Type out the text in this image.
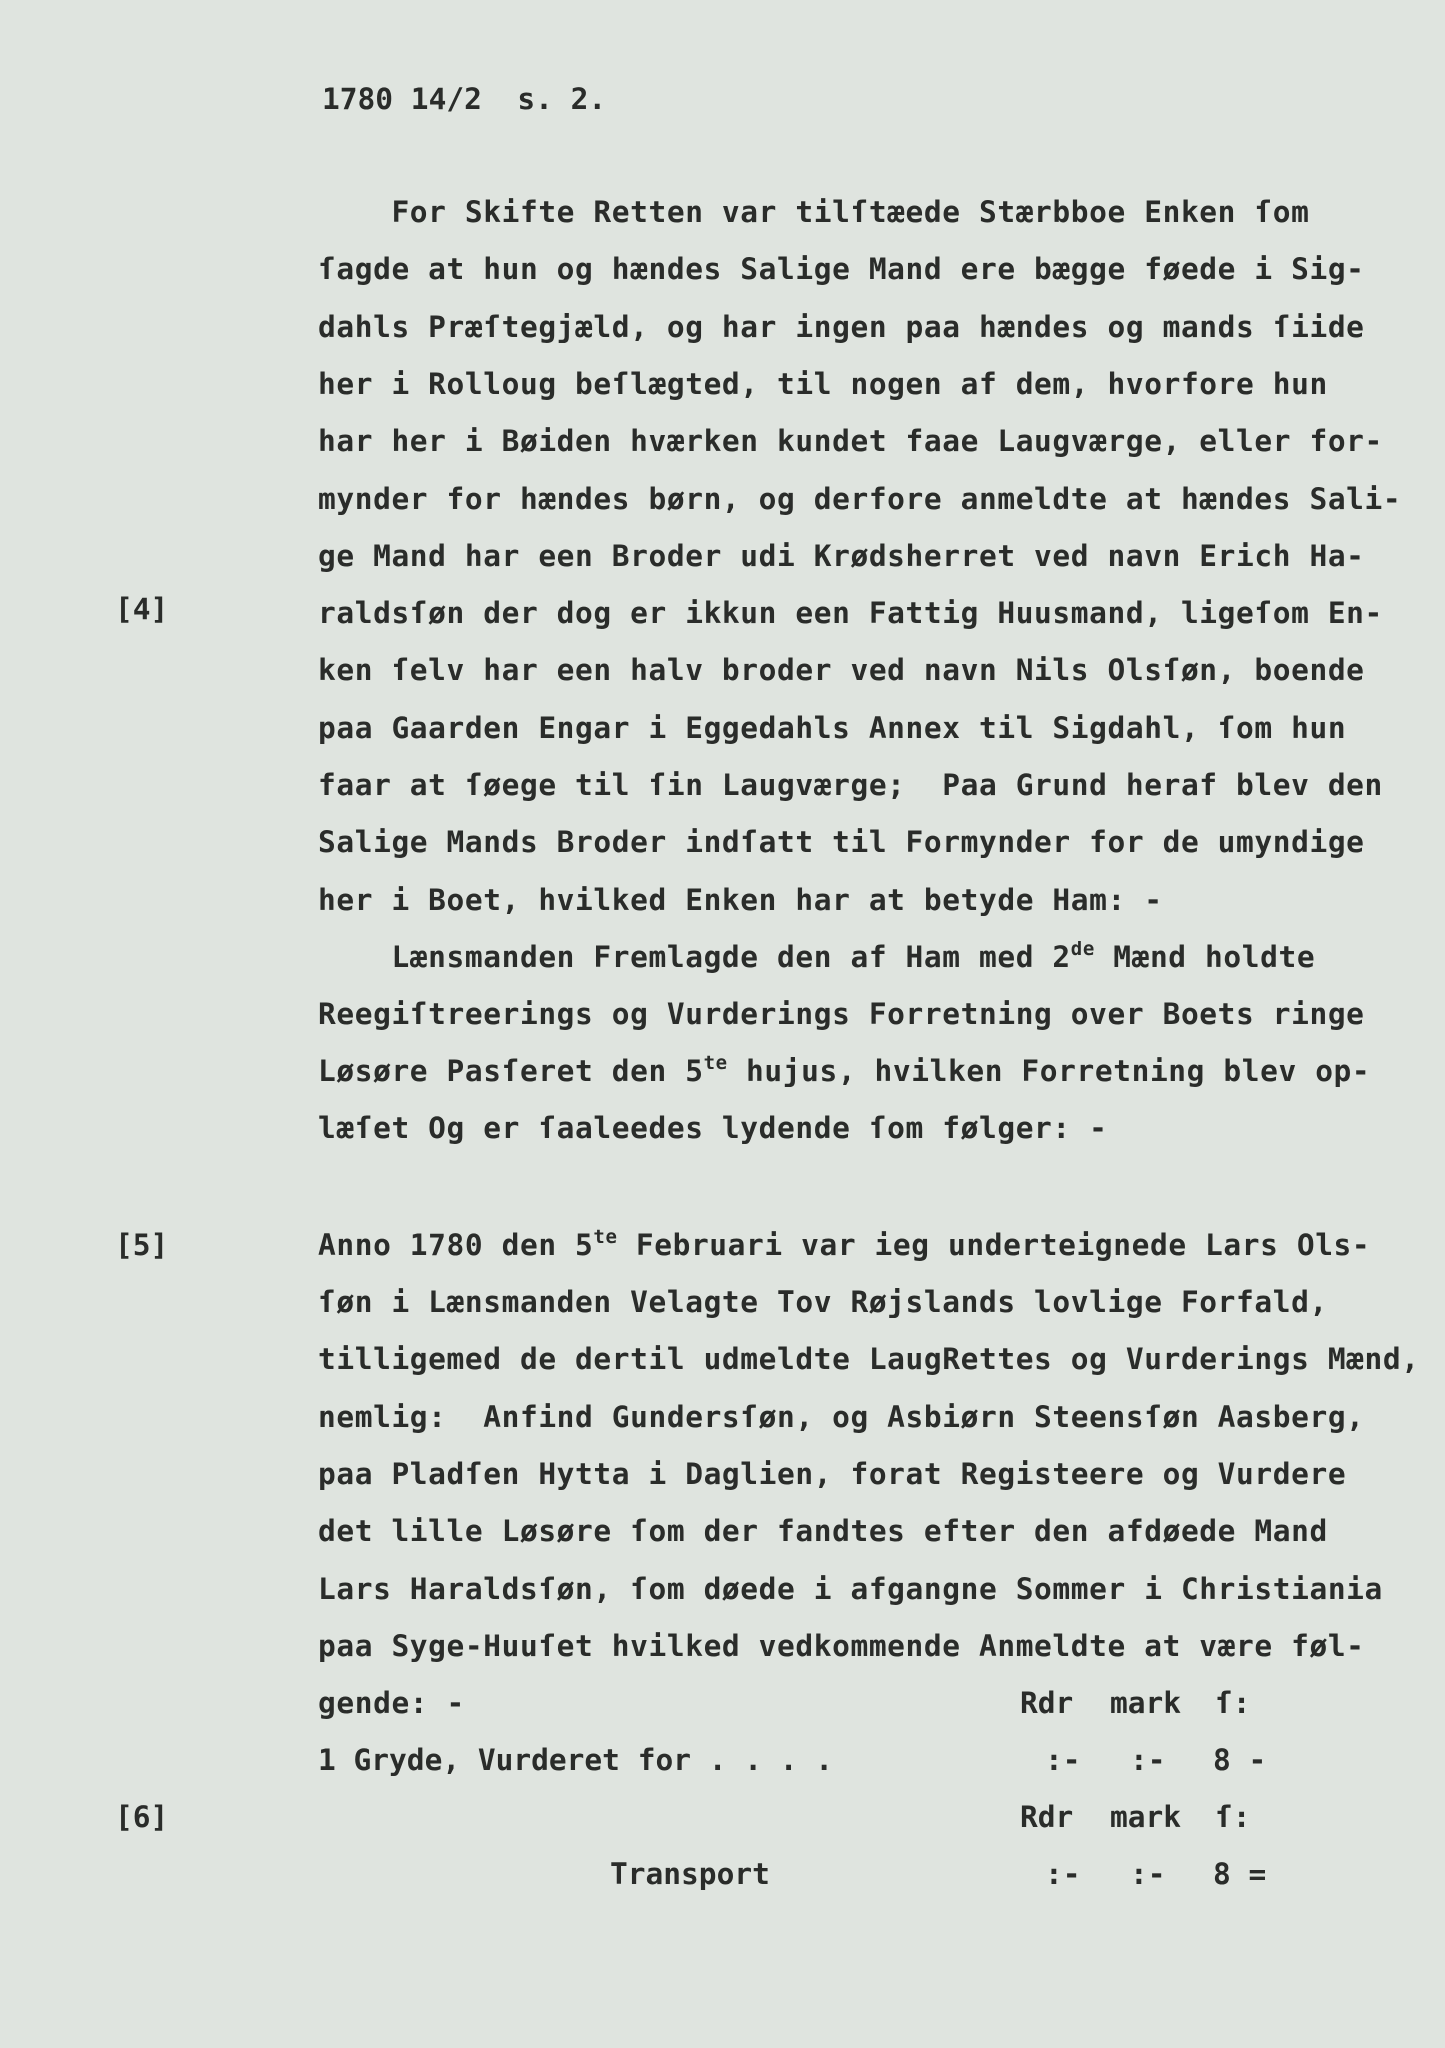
1780 14/2  s. 2.
For Skifte Retten var tilſtæede Stærbboe Enken ſom
ſagde at hun og hændes Salige Mand ere bægge føede i Sig-
dahls Præſtegjæld, og har ingen paa hændes og mands ſiide
her i Rolloug beſlægted, til nogen af dem, hvorfore hun
har her i Bøiden hværken kundet faae Laugværge, eller for-
mynder for hændes børn, og derfore anmeldte at hændes Sali-
ge Mand har een Broder udi Krødsherret ved navn Erich Ha-
raldsſøn der dog er ikkun een Fattig Huusmand, ligeſom En-
ken ſelv har een halv broder ved navn Nils Olsſøn, boende
paa Gaarden Engar i Eggedahls Annex til Sigdahl, ſom hun
faar at ſøege til ſin Laugværge;  Paa Grund heraf blev den
Salige Mands Broder indſatt til Formynder for de umyndige
her i Boet, hvilked Enken har at betyde Ham: -
[4]
Lænsmanden Fremlagde den af Ham med 2de Mænd holdte
Reegiſtreerings og Vurderings Forretning over Boets ringe
Løsøre Pasſeret den $5^{te}$ hujus, hvilken Forretning blev op-
læſet Og er ſaaleedes lydende ſom følger: -
[5]	Anno 1780 den $5^{te}$ Februari var ieg underteignede Lars Ols-
ſøn i Lænsmanden Velagte Tov Røjslands lovlige Forfald,
tilligemed de dertil udmeldte LaugRettes og Vurderings Mænd,
nemlig:  Anfind Gundersſøn, og Asbiørn Steensſøn Aasberg,
paa Pladſen Hytta i Daglien, forat Registeere og Vurdere
det lille Løsøre ſom der fandtes efter den afdøede Mand
Lars Haraldsſøn, ſom døede i afgangne Sommer i Christiania
paa Syge-Huuſet hvilked vedkommende Anmeldte at være føl-
gende: -	Rdr mark ſ:
1 Gryde, Vurderet for . . . .	:- :- 8 -
[6]	Rdr mark ſ:
Transport	:- :- 8 =
